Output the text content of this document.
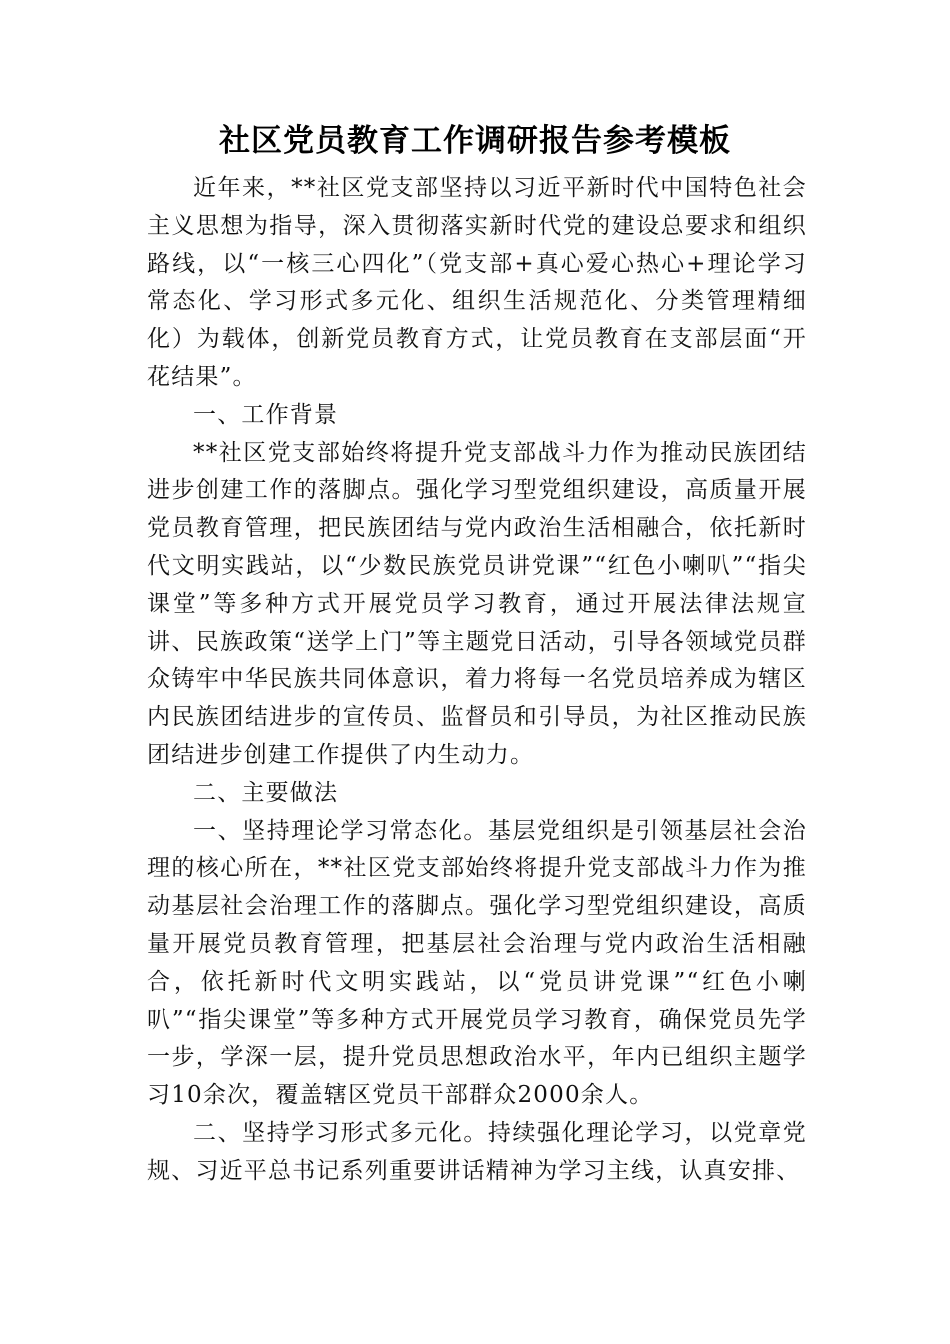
社区党员教育工作调研报告参考模板

近年来，**社区党支部坚持以习近平新时代中国特色社会主义思想为指导，深入贯彻落实新时代党的建设总要求和组织路线，以“一核三心四化”（党支部+真心爱心热心+理论学习常态化、学习形式多元化、组织生活规范化、分类管理精细化）为载体，创新党员教育方式，让党员教育在支部层面“开花结果”。

一、工作背景

**社区党支部始终将提升党支部战斗力作为推动民族团结进步创建工作的落脚点。强化学习型党组织建设，高质量开展党员教育管理，把民族团结与党内政治生活相融合，依托新时代文明实践站，以“少数民族党员讲党课”“红色小喇叭”“指尖课堂”等多种方式开展党员学习教育，通过开展法律法规宣讲、民族政策“送学上门”等主题党日活动，引导各领域党员群众铸牢中华民族共同体意识，着力将每一名党员培养成为辖区内民族团结进步的宣传员、监督员和引导员，为社区推动民族团结进步创建工作提供了内生动力。

二、主要做法

一、坚持理论学习常态化。基层党组织是引领基层社会治理的核心所在，**社区党支部始终将提升党支部战斗力作为推动基层社会治理工作的落脚点。强化学习型党组织建设，高质量开展党员教育管理，把基层社会治理与党内政治生活相融合，依托新时代文明实践站，以“党员讲党课”“红色小喇叭”“指尖课堂”等多种方式开展党员学习教育，确保党员先学一步，学深一层，提升党员思想政治水平，年内已组织主题学习10余次，覆盖辖区党员干部群众2000余人。

二、坚持学习形式多元化。持续强化理论学习，以党章党规、习近平总书记系列重要讲话精神为学习主线，认真安排、
